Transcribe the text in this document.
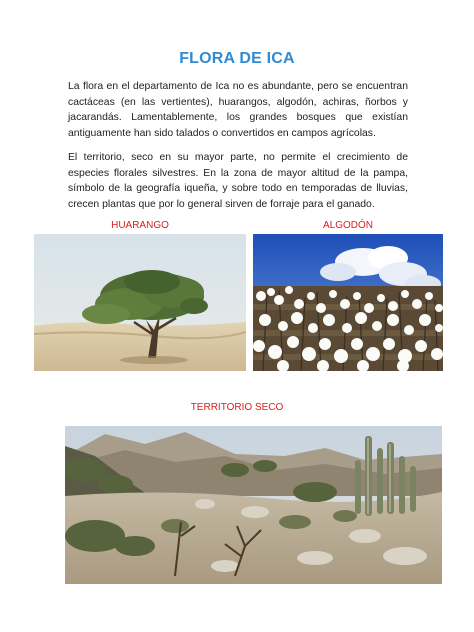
FLORA DE ICA

La flora en el departamento de Ica no es abundante, pero se encuentran cactáceas (en las vertientes), huarangos, algodón, achiras, ñorbos y jacarandás. Lamentablemente, los grandes bosques que existían antiguamente han sido talados o convertidos en campos agrícolas.

El territorio, seco en su mayor parte, no permite el crecimiento de especies florales silvestres. En la zona de mayor altitud de la pampa, símbolo de la geografía iqueña, y sobre todo en temporadas de lluvias, crecen plantas que por lo general sirven de forraje para el ganado.

HUARANGO	ALGODÓN
TERRITORIO SECO
